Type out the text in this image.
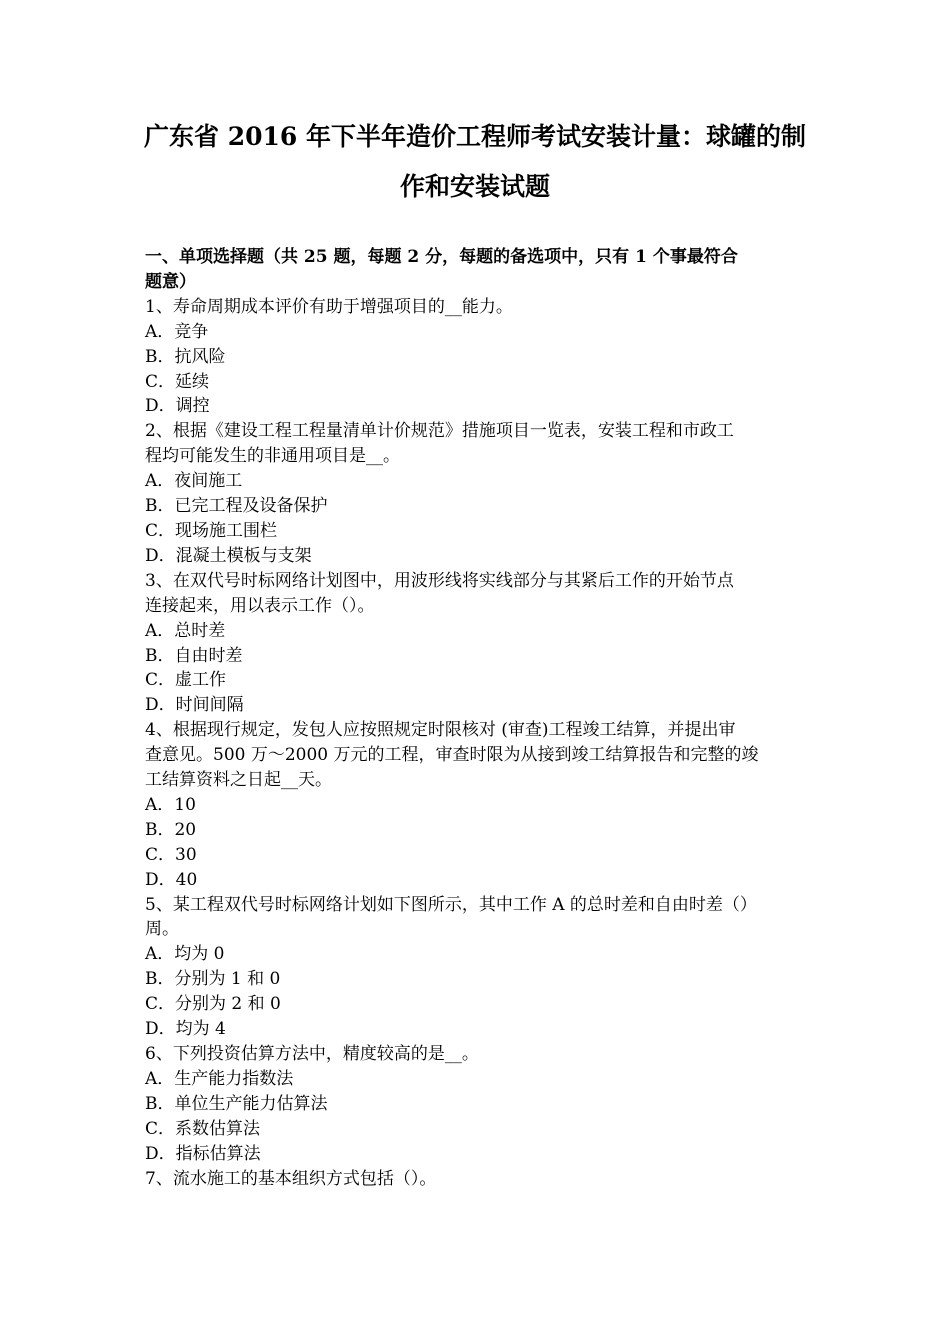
广东省 2016 年下半年造价工程师考试安装计量：球罐的制
作和安装试题
一、单项选择题（共 25 题，每题 2 分，每题的备选项中，只有 1 个事最符合
题意）
1、寿命周期成本评价有助于增强项目的__能力。
A．竞争
B．抗风险
C．延续
D．调控
2、根据《建设工程工程量清单计价规范》措施项目一览表，安装工程和市政工
程均可能发生的非通用项目是__。
A．夜间施工
B．已完工程及设备保护
C．现场施工围栏
D．混凝土模板与支架
3、在双代号时标网络计划图中，用波形线将实线部分与其紧后工作的开始节点
连接起来，用以表示工作（）。
A．总时差
B．自由时差
C．虚工作
D．时间间隔
4、根据现行规定，发包人应按照规定时限核对 (审查)工程竣工结算，并提出审
查意见。500 万～2000 万元的工程，审查时限为从接到竣工结算报告和完整的竣
工结算资料之日起__天。
A．10
B．20
C．30
D．40
5、某工程双代号时标网络计划如下图所示，其中工作 A 的总时差和自由时差（）
周。
A．均为 0
B．分别为 1 和 0
C．分别为 2 和 0
D．均为 4
6、下列投资估算方法中，精度较高的是__。
A．生产能力指数法
B．单位生产能力估算法
C．系数估算法
D．指标估算法
7、流水施工的基本组织方式包括（）。
